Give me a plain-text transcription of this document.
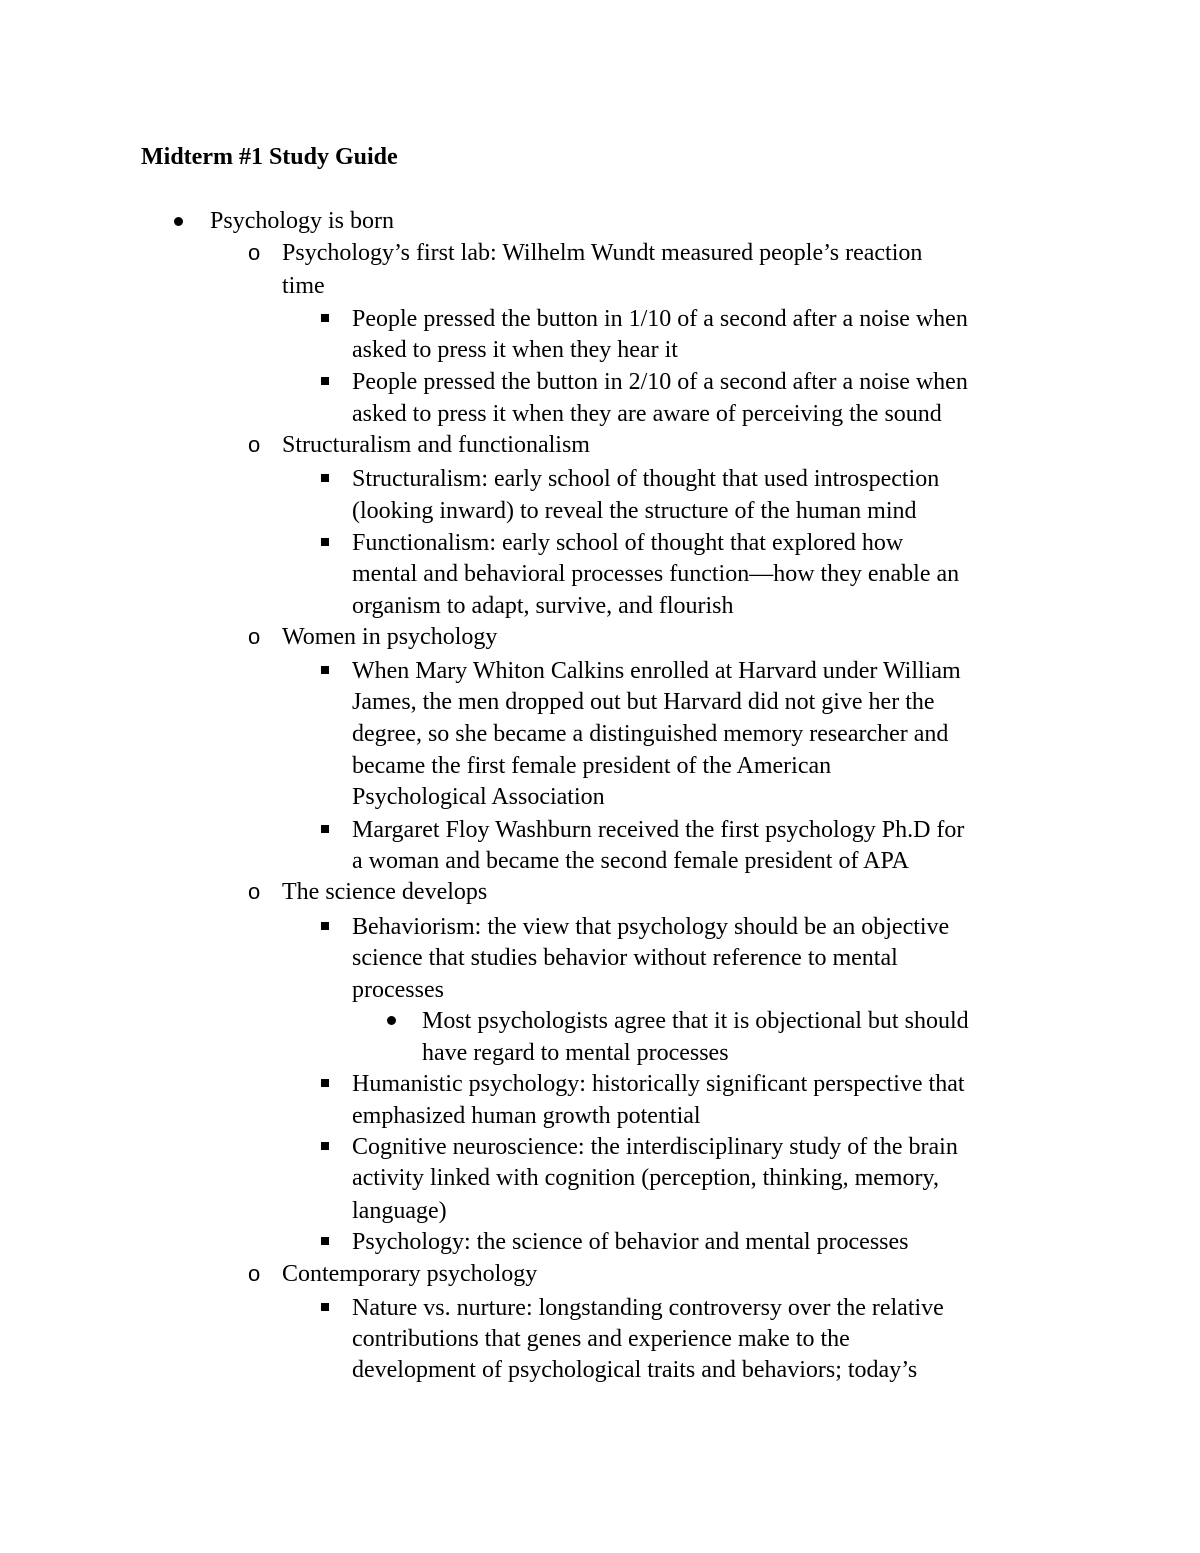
Midterm #1 Study Guide
Psychology is born
o Psychology’s first lab: Wilhelm Wundt measured people’s reaction
time
People pressed the button in 1/10 of a second after a noise when
asked to press it when they hear it
People pressed the button in 2/10 of a second after a noise when
asked to press it when they are aware of perceiving the sound
o Structuralism and functionalism
Structuralism: early school of thought that used introspection
(looking inward) to reveal the structure of the human mind
Functionalism: early school of thought that explored how
mental and behavioral processes function—how they enable an
organism to adapt, survive, and flourish
o Women in psychology
When Mary Whiton Calkins enrolled at Harvard under William
James, the men dropped out but Harvard did not give her the
degree, so she became a distinguished memory researcher and
became the first female president of the American
Psychological Association
Margaret Floy Washburn received the first psychology Ph.D for
a woman and became the second female president of APA
o The science develops
Behaviorism: the view that psychology should be an objective
science that studies behavior without reference to mental
processes
Most psychologists agree that it is objectional but should
have regard to mental processes
Humanistic psychology: historically significant perspective that
emphasized human growth potential
Cognitive neuroscience: the interdisciplinary study of the brain
activity linked with cognition (perception, thinking, memory,
language)
Psychology: the science of behavior and mental processes
o Contemporary psychology
Nature vs. nurture: longstanding controversy over the relative
contributions that genes and experience make to the
development of psychological traits and behaviors; today’s
